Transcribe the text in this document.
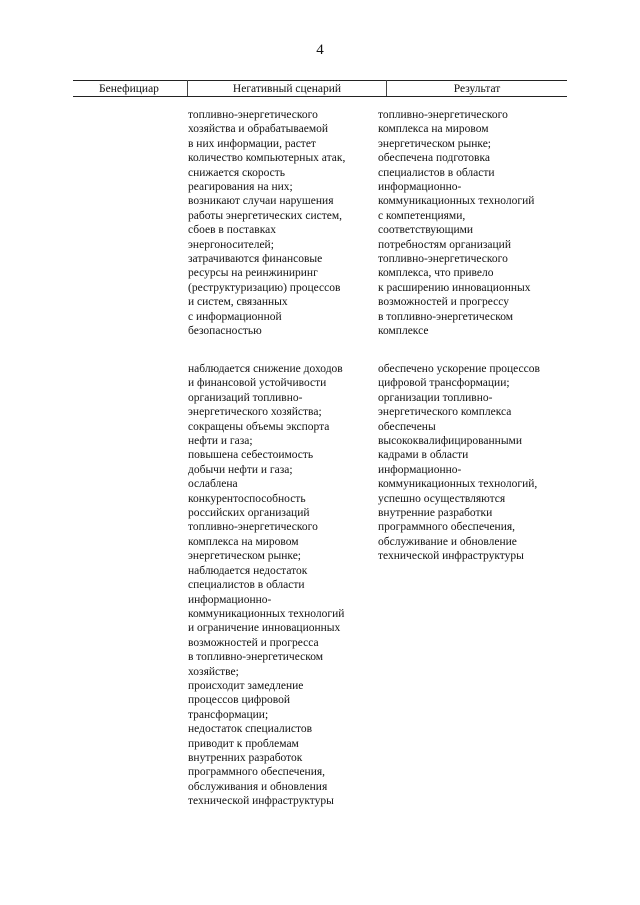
4
Бенефициар	Негативный сценарий	Результат
топливно-энергетического
хозяйства и обрабатываемой
в них информации, растет
количество компьютерных атак,
снижается скорость
реагирования на них;
возникают случаи нарушения
работы энергетических систем,
сбоев в поставках
энергоносителей;
затрачиваются финансовые
ресурсы на реинжиниринг
(реструктуризацию) процессов
и систем, связанных
с информационной
безопасностью
топливно-энергетического
комплекса на мировом
энергетическом рынке;
обеспечена подготовка
специалистов в области
информационно-
коммуникационных технологий
с компетенциями,
соответствующими
потребностям организаций
топливно-энергетического
комплекса, что привело
к расширению инновационных
возможностей и прогрессу
в топливно-энергетическом
комплексе
наблюдается снижение доходов
и финансовой устойчивости
организаций топливно-
энергетического хозяйства;
сокращены объемы экспорта
нефти и газа;
повышена себестоимость
добычи нефти и газа;
ослаблена
конкурентоспособность
российских организаций
топливно-энергетического
комплекса на мировом
энергетическом рынке;
наблюдается недостаток
специалистов в области
информационно-
коммуникационных технологий
и ограничение инновационных
возможностей и прогресса
в топливно-энергетическом
хозяйстве;
происходит замедление
процессов цифровой
трансформации;
недостаток специалистов
приводит к проблемам
внутренних разработок
программного обеспечения,
обслуживания и обновления
технической инфраструктуры
обеспечено ускорение процессов
цифровой трансформации;
организации топливно-
энергетического комплекса
обеспечены
высококвалифицированными
кадрами в области
информационно-
коммуникационных технологий,
успешно осуществляются
внутренние разработки
программного обеспечения,
обслуживание и обновление
технической инфраструктуры
